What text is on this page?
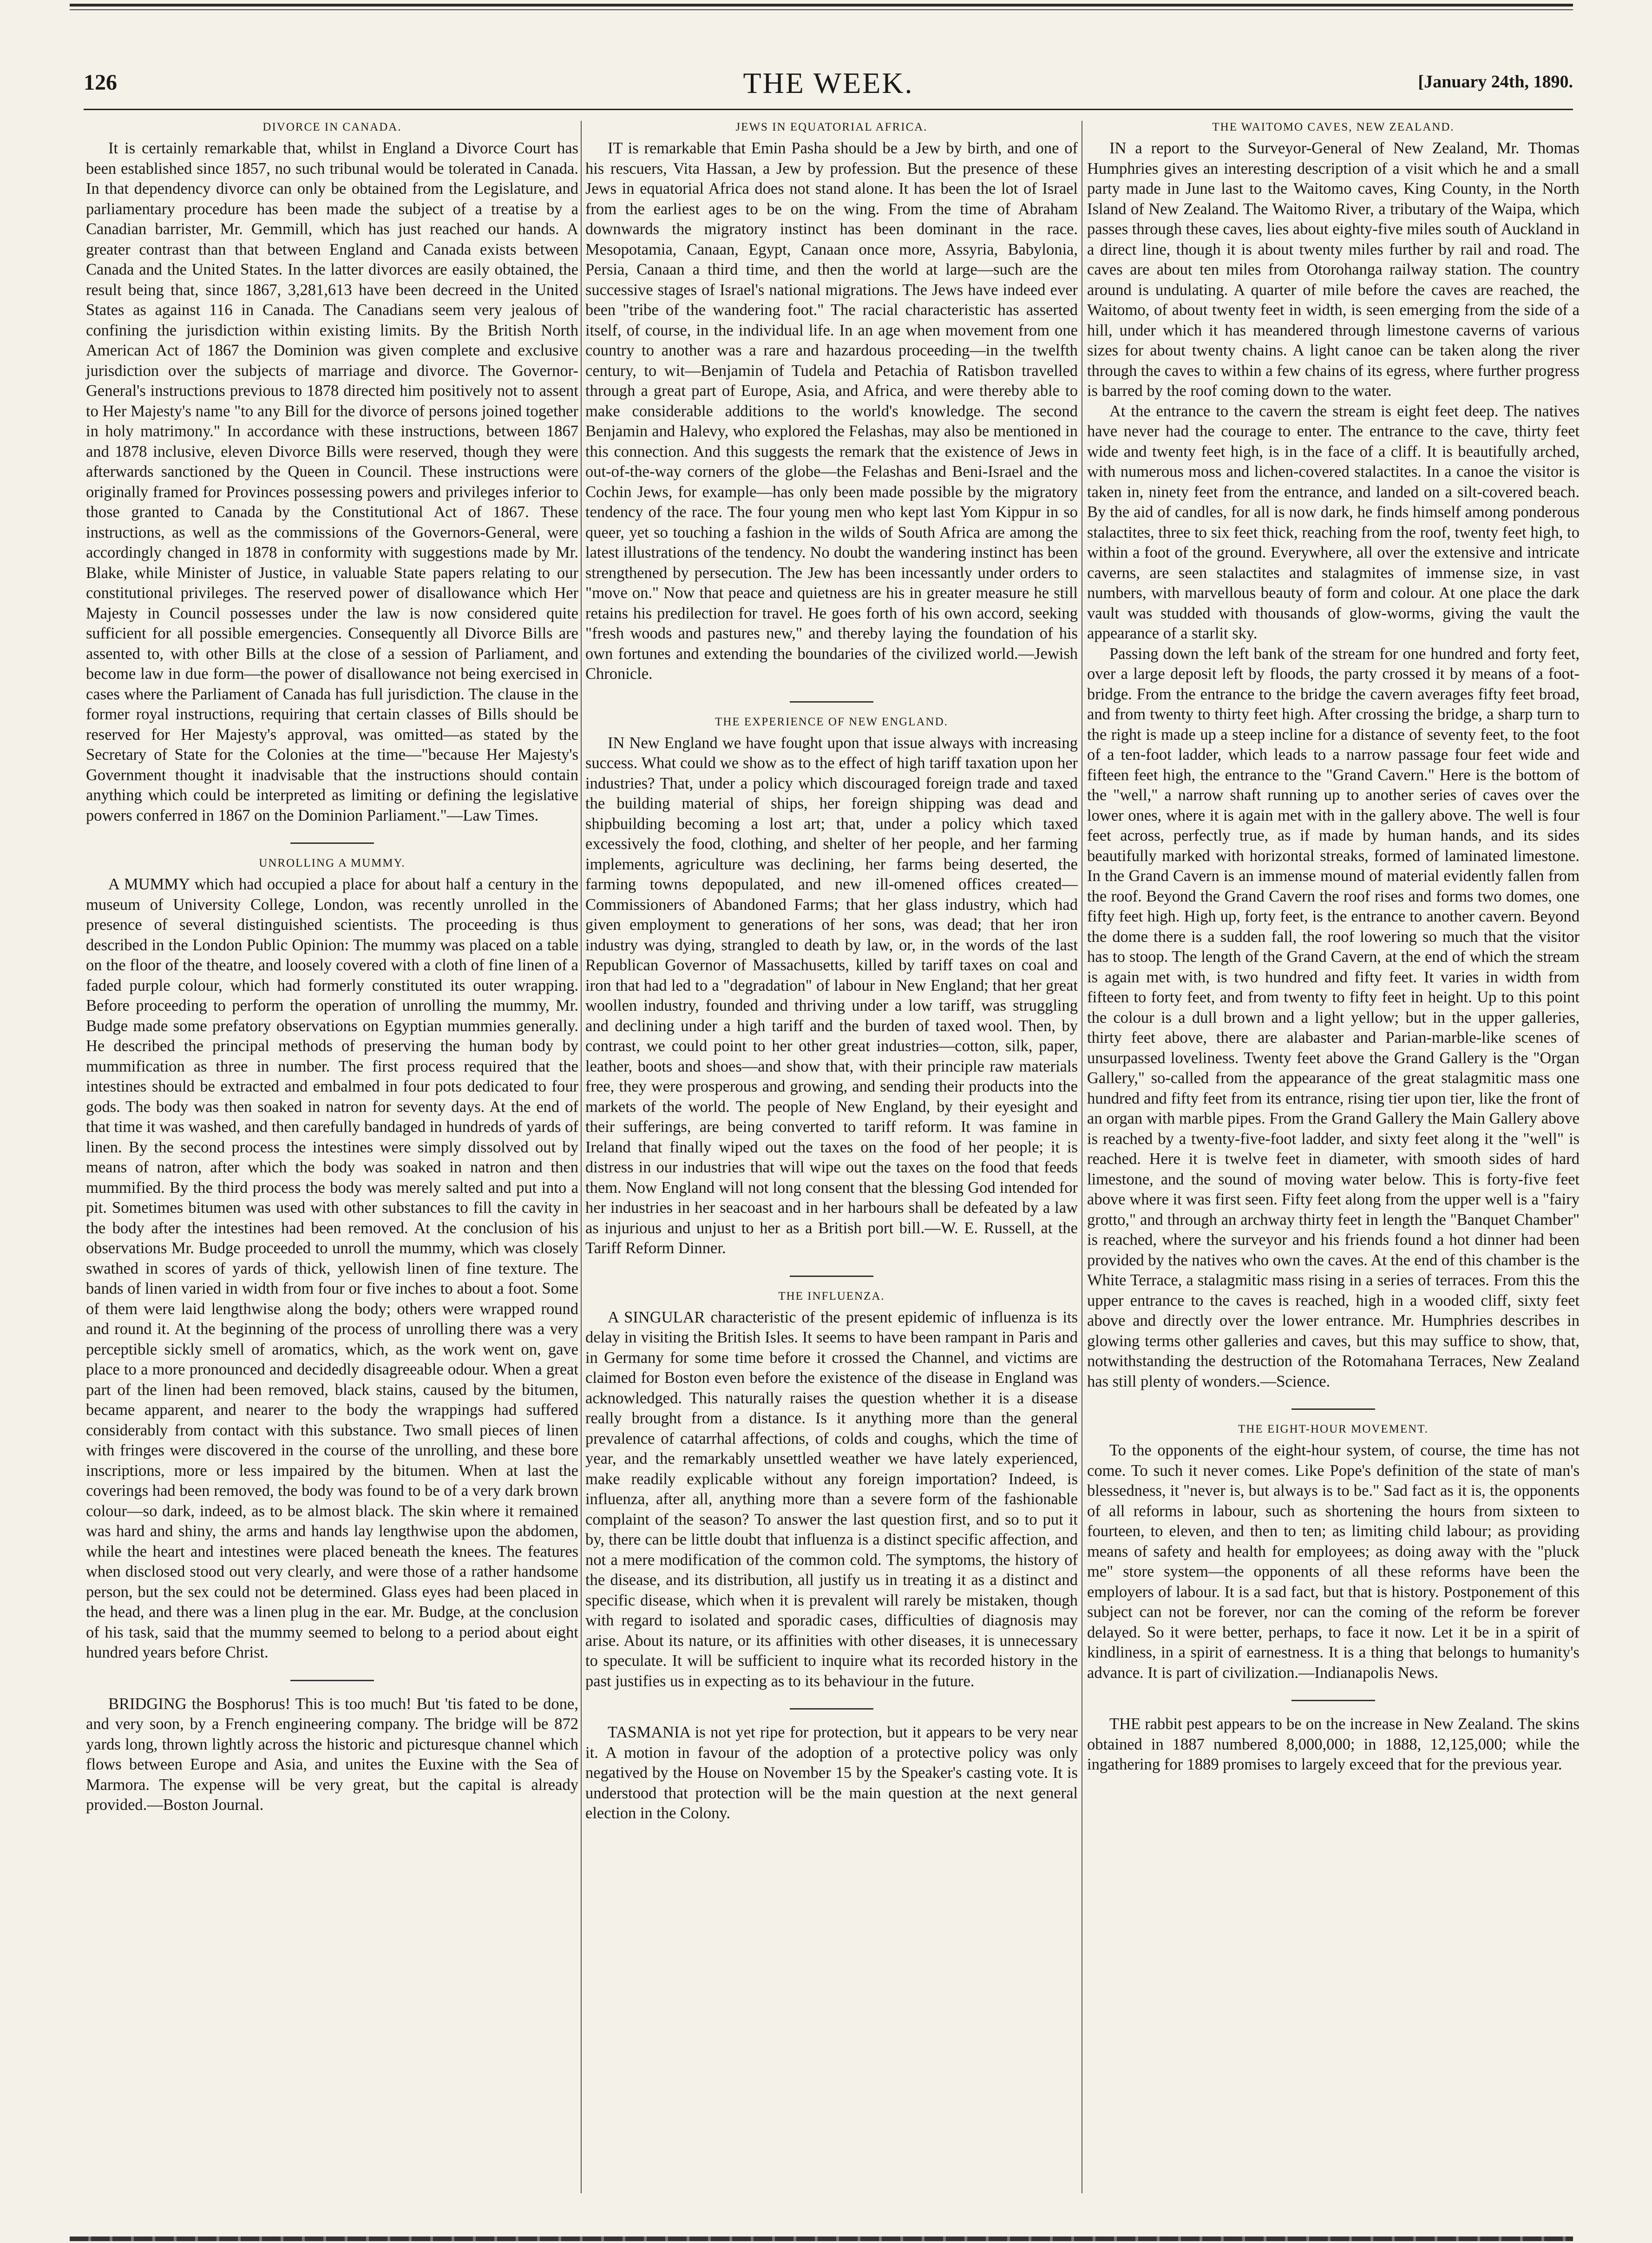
126	THE WEEK.	[January 24th, 1890.
DIVORCE IN CANADA.

It is certainly remarkable that, whilst in England a Divorce Court has been established since 1857, no such tribunal would be tolerated in Canada. In that dependency divorce can only be obtained from the Legislature, and parliamentary procedure has been made the subject of a treatise by a Canadian barrister, Mr. Gemmill, which has just reached our hands. A greater contrast than that between England and Canada exists between Canada and the United States. In the latter divorces are easily obtained, the result being that, since 1867, 3,281,613 have been decreed in the United States as against 116 in Canada. The Canadians seem very jealous of confining the jurisdiction within existing limits. By the British North American Act of 1867 the Dominion was given complete and exclusive jurisdiction over the subjects of marriage and divorce. The Governor-General's instructions previous to 1878 directed him positively not to assent to Her Majesty's name "to any Bill for the divorce of persons joined together in holy matrimony." In accordance with these instructions, between 1867 and 1878 inclusive, eleven Divorce Bills were reserved, though they were afterwards sanctioned by the Queen in Council. These instructions were originally framed for Provinces possessing powers and privileges inferior to those granted to Canada by the Constitutional Act of 1867. These instructions, as well as the commissions of the Governors-General, were accordingly changed in 1878 in conformity with suggestions made by Mr. Blake, while Minister of Justice, in valuable State papers relating to our constitutional privileges. The reserved power of disallowance which Her Majesty in Council possesses under the law is now considered quite sufficient for all possible emergencies. Consequently all Divorce Bills are assented to, with other Bills at the close of a session of Parliament, and become law in due form—the power of disallowance not being exercised in cases where the Parliament of Canada has full jurisdiction. The clause in the former royal instructions, requiring that certain classes of Bills should be reserved for Her Majesty's approval, was omitted—as stated by the Secretary of State for the Colonies at the time—"because Her Majesty's Government thought it inadvisable that the instructions should contain anything which could be interpreted as limiting or defining the legislative powers conferred in 1867 on the Dominion Parliament."—Law Times.

UNROLLING A MUMMY.

A MUMMY which had occupied a place for about half a century in the museum of University College, London, was recently unrolled in the presence of several distinguished scientists. The proceeding is thus described in the London Public Opinion: The mummy was placed on a table on the floor of the theatre, and loosely covered with a cloth of fine linen of a faded purple colour, which had formerly constituted its outer wrapping. Before proceeding to perform the operation of unrolling the mummy, Mr. Budge made some prefatory observations on Egyptian mummies generally. He described the principal methods of preserving the human body by mummification as three in number. The first process required that the intestines should be extracted and embalmed in four pots dedicated to four gods. The body was then soaked in natron for seventy days. At the end of that time it was washed, and then carefully bandaged in hundreds of yards of linen. By the second process the intestines were simply dissolved out by means of natron, after which the body was soaked in natron and then mummified. By the third process the body was merely salted and put into a pit. Sometimes bitumen was used with other substances to fill the cavity in the body after the intestines had been removed. At the conclusion of his observations Mr. Budge proceeded to unroll the mummy, which was closely swathed in scores of yards of thick, yellowish linen of fine texture. The bands of linen varied in width from four or five inches to about a foot. Some of them were laid lengthwise along the body; others were wrapped round and round it. At the beginning of the process of unrolling there was a very perceptible sickly smell of aromatics, which, as the work went on, gave place to a more pronounced and decidedly disagreeable odour. When a great part of the linen had been removed, black stains, caused by the bitumen, became apparent, and nearer to the body the wrappings had suffered considerably from contact with this substance. Two small pieces of linen with fringes were discovered in the course of the unrolling, and these bore inscriptions, more or less impaired by the bitumen. When at last the coverings had been removed, the body was found to be of a very dark brown colour—so dark, indeed, as to be almost black. The skin where it remained was hard and shiny, the arms and hands lay lengthwise upon the abdomen, while the heart and intestines were placed beneath the knees. The features when disclosed stood out very clearly, and were those of a rather handsome person, but the sex could not be determined. Glass eyes had been placed in the head, and there was a linen plug in the ear. Mr. Budge, at the conclusion of his task, said that the mummy seemed to belong to a period about eight hundred years before Christ.

BRIDGING the Bosphorus! This is too much! But 'tis fated to be done, and very soon, by a French engineering company. The bridge will be 872 yards long, thrown lightly across the historic and picturesque channel which flows between Europe and Asia, and unites the Euxine with the Sea of Marmora. The expense will be very great, but the capital is already provided.—Boston Journal.

JEWS IN EQUATORIAL AFRICA.

IT is remarkable that Emin Pasha should be a Jew by birth, and one of his rescuers, Vita Hassan, a Jew by profession. But the presence of these Jews in equatorial Africa does not stand alone. It has been the lot of Israel from the earliest ages to be on the wing. From the time of Abraham downwards the migratory instinct has been dominant in the race. Mesopotamia, Canaan, Egypt, Canaan once more, Assyria, Babylonia, Persia, Canaan a third time, and then the world at large—such are the successive stages of Israel's national migrations. The Jews have indeed ever been "tribe of the wandering foot." The racial characteristic has asserted itself, of course, in the individual life. In an age when movement from one country to another was a rare and hazardous proceeding—in the twelfth century, to wit—Benjamin of Tudela and Petachia of Ratisbon travelled through a great part of Europe, Asia, and Africa, and were thereby able to make considerable additions to the world's knowledge. The second Benjamin and Halevy, who explored the Felashas, may also be mentioned in this connection. And this suggests the remark that the existence of Jews in out-of-the-way corners of the globe—the Felashas and Beni-Israel and the Cochin Jews, for example—has only been made possible by the migratory tendency of the race. The four young men who kept last Yom Kippur in so queer, yet so touching a fashion in the wilds of South Africa are among the latest illustrations of the tendency. No doubt the wandering instinct has been strengthened by persecution. The Jew has been incessantly under orders to "move on." Now that peace and quietness are his in greater measure he still retains his predilection for travel. He goes forth of his own accord, seeking "fresh woods and pastures new," and thereby laying the foundation of his own fortunes and extending the boundaries of the civilized world.—Jewish Chronicle.

THE EXPERIENCE OF NEW ENGLAND.

IN New England we have fought upon that issue always with increasing success. What could we show as to the effect of high tariff taxation upon her industries? That, under a policy which discouraged foreign trade and taxed the building material of ships, her foreign shipping was dead and shipbuilding becoming a lost art; that, under a policy which taxed excessively the food, clothing, and shelter of her people, and her farming implements, agriculture was declining, her farms being deserted, the farming towns depopulated, and new ill-omened offices created—Commissioners of Abandoned Farms; that her glass industry, which had given employment to generations of her sons, was dead; that her iron industry was dying, strangled to death by law, or, in the words of the last Republican Governor of Massachusetts, killed by tariff taxes on coal and iron that had led to a "degradation" of labour in New England; that her great woollen industry, founded and thriving under a low tariff, was struggling and declining under a high tariff and the burden of taxed wool. Then, by contrast, we could point to her other great industries—cotton, silk, paper, leather, boots and shoes—and show that, with their principle raw materials free, they were prosperous and growing, and sending their products into the markets of the world. The people of New England, by their eyesight and their sufferings, are being converted to tariff reform. It was famine in Ireland that finally wiped out the taxes on the food of her people; it is distress in our industries that will wipe out the taxes on the food that feeds them. Now England will not long consent that the blessing God intended for her industries in her seacoast and in her harbours shall be defeated by a law as injurious and unjust to her as a British port bill.—W. E. Russell, at the Tariff Reform Dinner.

THE INFLUENZA.

A SINGULAR characteristic of the present epidemic of influenza is its delay in visiting the British Isles. It seems to have been rampant in Paris and in Germany for some time before it crossed the Channel, and victims are claimed for Boston even before the existence of the disease in England was acknowledged. This naturally raises the question whether it is a disease really brought from a distance. Is it anything more than the general prevalence of catarrhal affections, of colds and coughs, which the time of year, and the remarkably unsettled weather we have lately experienced, make readily explicable without any foreign importation? Indeed, is influenza, after all, anything more than a severe form of the fashionable complaint of the season? To answer the last question first, and so to put it by, there can be little doubt that influenza is a distinct specific affection, and not a mere modification of the common cold. The symptoms, the history of the disease, and its distribution, all justify us in treating it as a distinct and specific disease, which when it is prevalent will rarely be mistaken, though with regard to isolated and sporadic cases, difficulties of diagnosis may arise. About its nature, or its affinities with other diseases, it is unnecessary to speculate. It will be sufficient to inquire what its recorded history in the past justifies us in expecting as to its behaviour in the future.

TASMANIA is not yet ripe for protection, but it appears to be very near it. A motion in favour of the adoption of a protective policy was only negatived by the House on November 15 by the Speaker's casting vote. It is understood that protection will be the main question at the next general election in the Colony.

THE WAITOMO CAVES, NEW ZEALAND.

IN a report to the Surveyor-General of New Zealand, Mr. Thomas Humphries gives an interesting description of a visit which he and a small party made in June last to the Waitomo caves, King County, in the North Island of New Zealand. The Waitomo River, a tributary of the Waipa, which passes through these caves, lies about eighty-five miles south of Auckland in a direct line, though it is about twenty miles further by rail and road. The caves are about ten miles from Otorohanga railway station. The country around is undulating. A quarter of mile before the caves are reached, the Waitomo, of about twenty feet in width, is seen emerging from the side of a hill, under which it has meandered through limestone caverns of various sizes for about twenty chains. A light canoe can be taken along the river through the caves to within a few chains of its egress, where further progress is barred by the roof coming down to the water.

At the entrance to the cavern the stream is eight feet deep. The natives have never had the courage to enter. The entrance to the cave, thirty feet wide and twenty feet high, is in the face of a cliff. It is beautifully arched, with numerous moss and lichen-covered stalactites. In a canoe the visitor is taken in, ninety feet from the entrance, and landed on a silt-covered beach. By the aid of candles, for all is now dark, he finds himself among ponderous stalactites, three to six feet thick, reaching from the roof, twenty feet high, to within a foot of the ground. Everywhere, all over the extensive and intricate caverns, are seen stalactites and stalagmites of immense size, in vast numbers, with marvellous beauty of form and colour. At one place the dark vault was studded with thousands of glow-worms, giving the vault the appearance of a starlit sky.

Passing down the left bank of the stream for one hundred and forty feet, over a large deposit left by floods, the party crossed it by means of a foot-bridge. From the entrance to the bridge the cavern averages fifty feet broad, and from twenty to thirty feet high. After crossing the bridge, a sharp turn to the right is made up a steep incline for a distance of seventy feet, to the foot of a ten-foot ladder, which leads to a narrow passage four feet wide and fifteen feet high, the entrance to the "Grand Cavern." Here is the bottom of the "well," a narrow shaft running up to another series of caves over the lower ones, where it is again met with in the gallery above. The well is four feet across, perfectly true, as if made by human hands, and its sides beautifully marked with horizontal streaks, formed of laminated limestone. In the Grand Cavern is an immense mound of material evidently fallen from the roof. Beyond the Grand Cavern the roof rises and forms two domes, one fifty feet high. High up, forty feet, is the entrance to another cavern. Beyond the dome there is a sudden fall, the roof lowering so much that the visitor has to stoop. The length of the Grand Cavern, at the end of which the stream is again met with, is two hundred and fifty feet. It varies in width from fifteen to forty feet, and from twenty to fifty feet in height. Up to this point the colour is a dull brown and a light yellow; but in the upper galleries, thirty feet above, there are alabaster and Parian-marble-like scenes of unsurpassed loveliness. Twenty feet above the Grand Gallery is the "Organ Gallery," so-called from the appearance of the great stalagmitic mass one hundred and fifty feet from its entrance, rising tier upon tier, like the front of an organ with marble pipes. From the Grand Gallery the Main Gallery above is reached by a twenty-five-foot ladder, and sixty feet along it the "well" is reached. Here it is twelve feet in diameter, with smooth sides of hard limestone, and the sound of moving water below. This is forty-five feet above where it was first seen. Fifty feet along from the upper well is a "fairy grotto," and through an archway thirty feet in length the "Banquet Chamber" is reached, where the surveyor and his friends found a hot dinner had been provided by the natives who own the caves. At the end of this chamber is the White Terrace, a stalagmitic mass rising in a series of terraces. From this the upper entrance to the caves is reached, high in a wooded cliff, sixty feet above and directly over the lower entrance. Mr. Humphries describes in glowing terms other galleries and caves, but this may suffice to show, that, notwithstanding the destruction of the Rotomahana Terraces, New Zealand has still plenty of wonders.—Science.

THE EIGHT-HOUR MOVEMENT.

To the opponents of the eight-hour system, of course, the time has not come. To such it never comes. Like Pope's definition of the state of man's blessedness, it "never is, but always is to be." Sad fact as it is, the opponents of all reforms in labour, such as shortening the hours from sixteen to fourteen, to eleven, and then to ten; as limiting child labour; as providing means of safety and health for employees; as doing away with the "pluck me" store system—the opponents of all these reforms have been the employers of labour. It is a sad fact, but that is history. Postponement of this subject can not be forever, nor can the coming of the reform be forever delayed. So it were better, perhaps, to face it now. Let it be in a spirit of kindliness, in a spirit of earnestness. It is a thing that belongs to humanity's advance. It is part of civilization.—Indianapolis News.

THE rabbit pest appears to be on the increase in New Zealand. The skins obtained in 1887 numbered 8,000,000; in 1888, 12,125,000; while the ingathering for 1889 promises to largely exceed that for the previous year.
